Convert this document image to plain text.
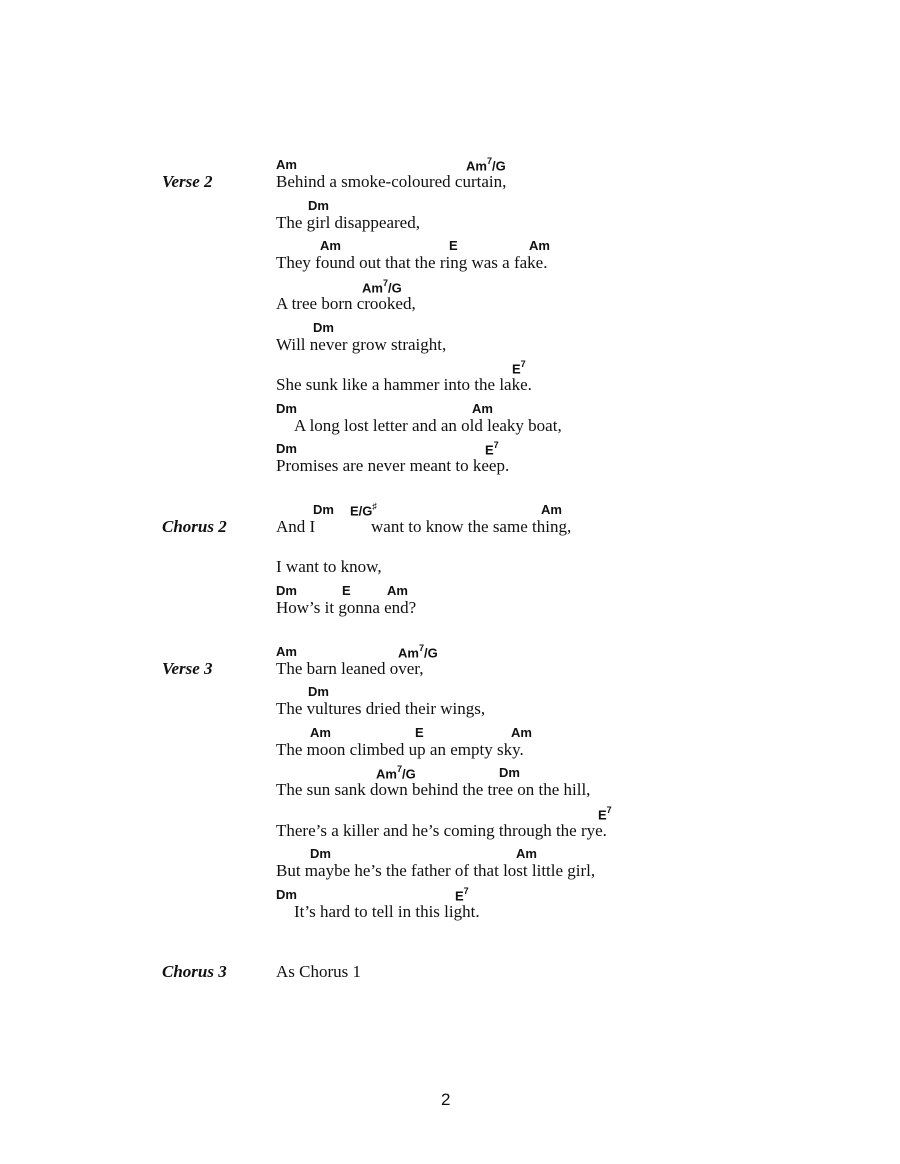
Verse 2
Am	Am$^7$/G
Behind a smoke-coloured curtain,
Dm
The girl disappeared,
Am	E	Am
They found out that the ring was a fake.
Am$^7$/G
A tree born crooked,
Dm
Will never grow straight,
$E^7$
She sunk like a hammer into the lake.
Dm	Am
A long lost letter and an old leaky boat,
Dm	$E^7$
Promises are never meant to keep.
Chorus 2
Dm E/G♯	Am
And I	want to know the same thing,
I want to know,
Dm	E	Am
How’s it gonna end?
Verse 3
Am	Am$^7$/G
The barn leaned over,
Dm
The vultures dried their wings,
Am	E	Am
The moon climbed up an empty sky.
Am$^7$/G	Dm
The sun sank down behind the tree on the hill,
$E^7$
There’s a killer and he’s coming through the rye.
Dm	Am
But maybe he’s the father of that lost little girl,
Dm	$E^7$
It’s hard to tell in this light.
Chorus 3	As Chorus 1
2
